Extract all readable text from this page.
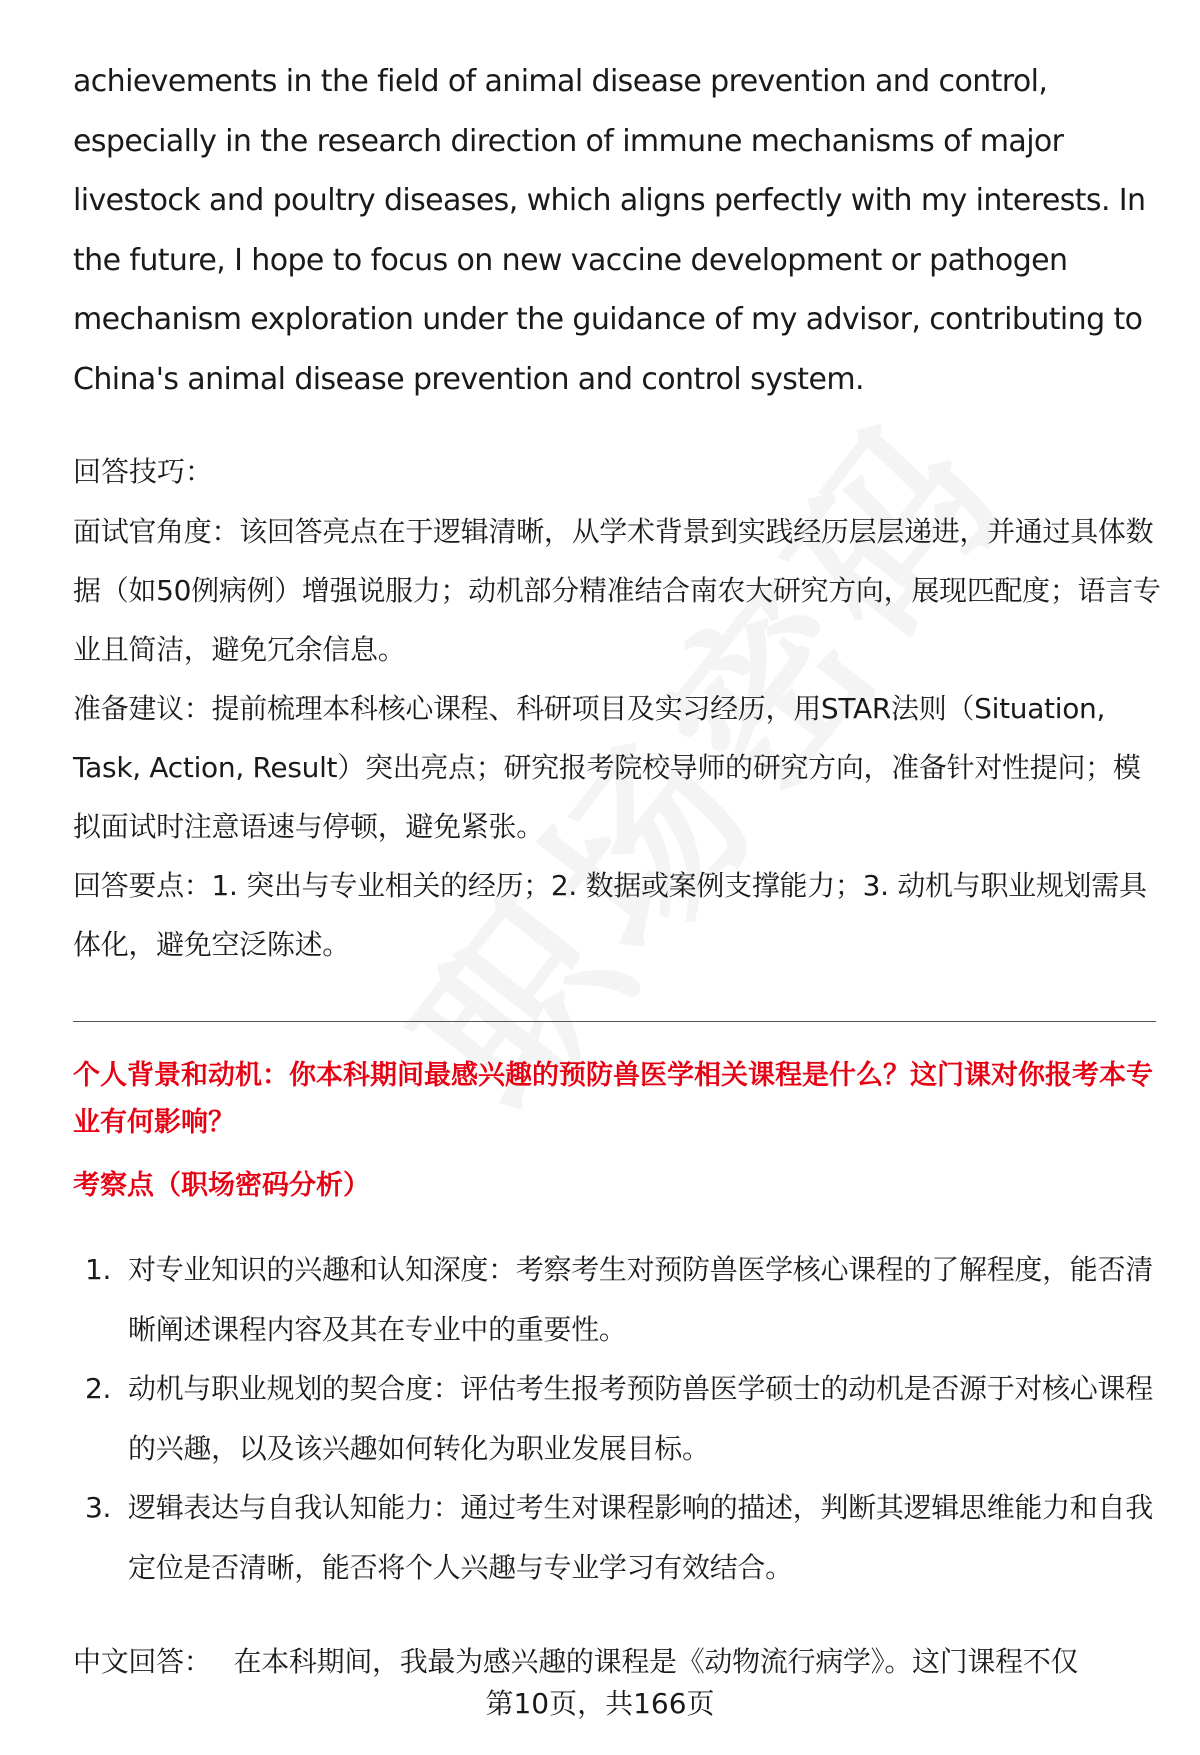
achievements in the field of animal disease prevention and control, especially in the research direction of immune mechanisms of major livestock and poultry diseases, which aligns perfectly with my interests. In the future, I hope to focus on new vaccine development or pathogen mechanism exploration under the guidance of my advisor, contributing to China's animal disease prevention and control system.

回答技巧：

面试官角度：该回答亮点在于逻辑清晰，从学术背景到实践经历层层递进，并通过具体数据（如50例病例）增强说服力；动机部分精准结合南农大研究方向，展现匹配度；语言专业且简洁，避免冗余信息。

准备建议：提前梳理本科核心课程、科研项目及实习经历，用STAR法则（Situation, Task, Action, Result）突出亮点；研究报考院校导师的研究方向，准备针对性提问；模拟面试时注意语速与停顿，避免紧张。

回答要点：1. 突出与专业相关的经历；2. 数据或案例支撑能力；3. 动机与职业规划需具体化，避免空泛陈述。

个人背景和动机：你本科期间最感兴趣的预防兽医学相关课程是什么？这门课对你报考本专业有何影响？

考察点（职场密码分析）

1. 对专业知识的兴趣和认知深度：考察考生对预防兽医学核心课程的了解程度，能否清晰阐述课程内容及其在专业中的重要性。
2. 动机与职业规划的契合度：评估考生报考预防兽医学硕士的动机是否源于对核心课程的兴趣，以及该兴趣如何转化为职业发展目标。
3. 逻辑表达与自我认知能力：通过考生对课程影响的描述，判断其逻辑思维能力和自我定位是否清晰，能否将个人兴趣与专业学习有效结合。

中文回答： 在本科期间，我最为感兴趣的课程是《动物流行病学》。这门课程不仅

第10页，共166页
